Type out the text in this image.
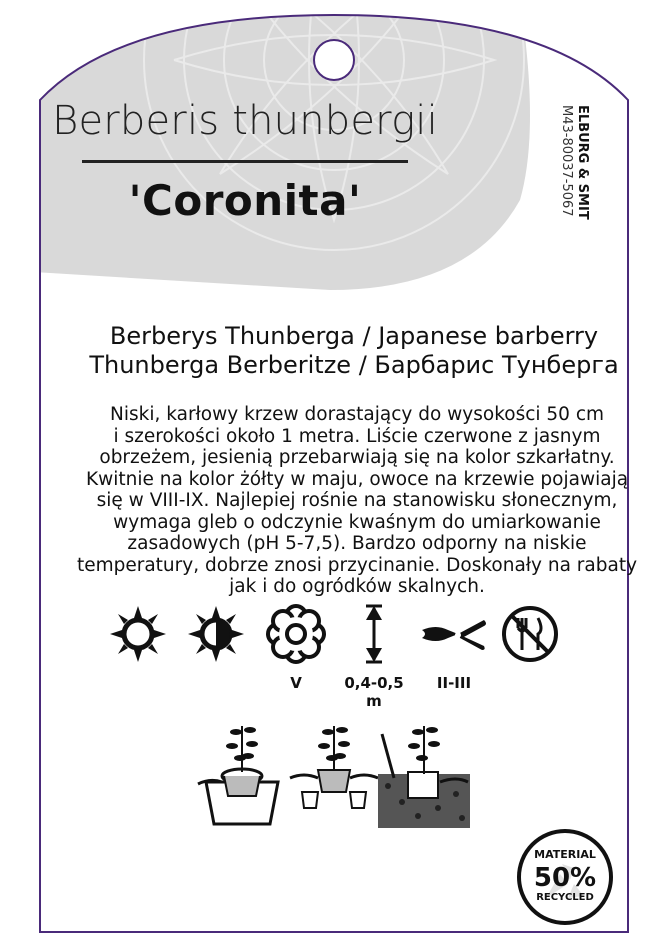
Berberis thunbergii
'Coronita'	ELBURG & SMIT
M43-80037-5067
Berberys Thunberga / Japanese barberry
Thunberga Berberitze / Барбарис Тунберга
Niski, karłowy krzew dorastający do wysokości 50 cm
i szerokości około 1 metra. Liście czerwone z jasnym
obrzeżem, jesienią przebarwiają się na kolor szkarłatny.
Kwitnie na kolor żółty w maju, owoce na krzewie pojawiają
się w VIII-IX. Najlepiej rośnie na stanowisku słonecznym,
wymaga gleb o odczynie kwaśnym do umiarkowanie
zasadowych (pH 5-7,5). Bardzo odporny na niskie
temperatury, dobrze znosi przycinanie. Doskonały na rabaty
jak i do ogródków skalnych.
V	0,4-0,5 m
II-III
MATERIAL
50%
RECYCLED
